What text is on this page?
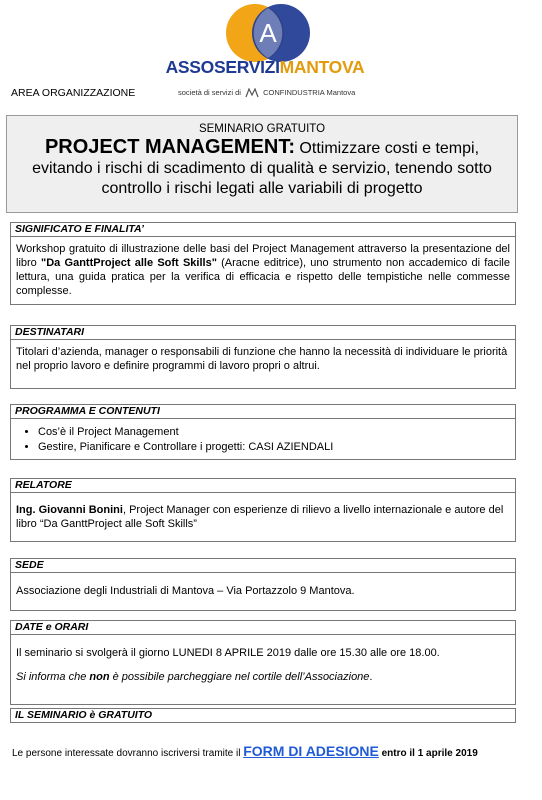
A
ASSOSERVIZIMANTOVA
società di servizi di	CONFINDUSTRIA Mantova
AREA ORGANIZZAZIONE
SEMINARIO GRATUITO
PROJECT MANAGEMENT: Ottimizzare costi e tempi, evitando i rischi di scadimento di qualità e servizio, tenendo sotto controllo i rischi legati alle variabili di progetto
SIGNIFICATO E FINALITA’
Workshop gratuito di illustrazione delle basi del Project Management attraverso la presentazione del libro "Da GanttProject alle Soft Skills" (Aracne editrice), uno strumento non accademico di facile lettura, una guida pratica per la verifica di efficacia e rispetto delle tempistiche nelle commesse complesse.
DESTINATARI
Titolari d’azienda, manager o responsabili di funzione che hanno la necessità di individuare le priorità nel proprio lavoro e definire programmi di lavoro propri o altrui.
PROGRAMMA E CONTENUTI
• Cos’è il Project Management
• Gestire, Pianificare e Controllare i progetti: CASI AZIENDALI
RELATORE
Ing. Giovanni Bonini, Project Manager con esperienze di rilievo a livello internazionale e autore del libro “Da GanttProject alle Soft Skills”
SEDE
Associazione degli Industriali di Mantova – Via Portazzolo 9 Mantova.
DATE e ORARI
Il seminario si svolgerà il giorno LUNEDI 8 APRILE 2019 dalle ore 15.30 alle ore 18.00.
Si informa che non è possibile parcheggiare nel cortile dell’Associazione.
IL SEMINARIO è GRATUITO
Le persone interessate dovranno iscriversi tramite il FORM DI ADESIONE entro il 1 aprile 2019
